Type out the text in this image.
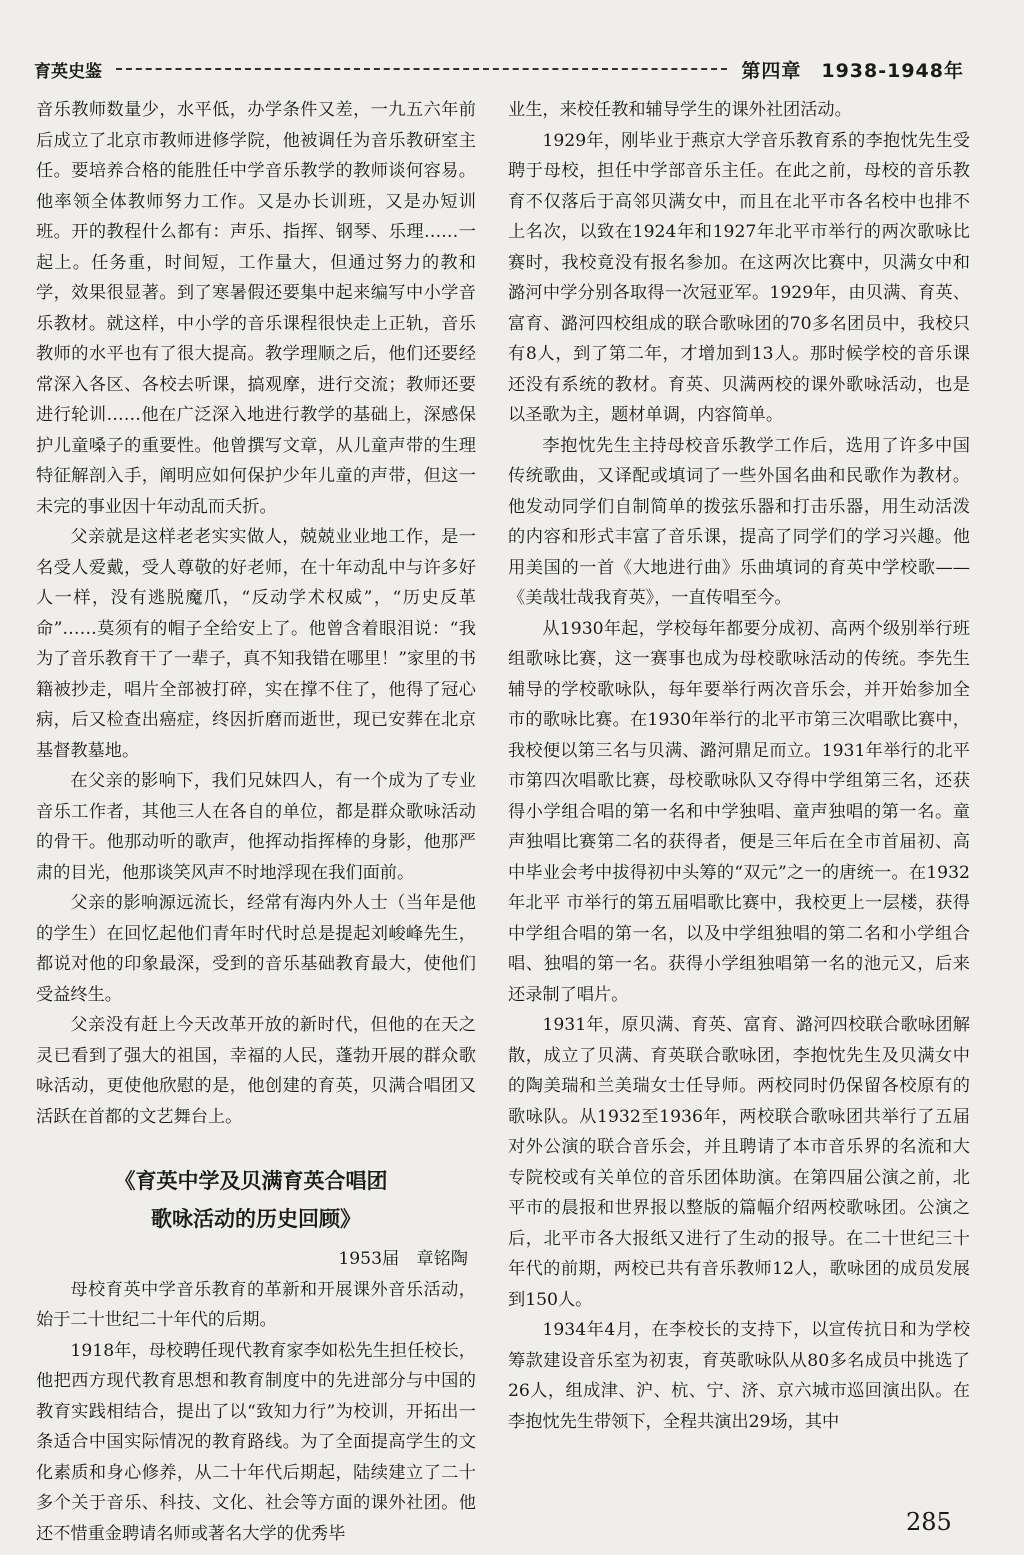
育英史鉴	第四章　1938-1948年

音乐教师数量少，水平低，办学条件又差，一九五六年前后成立了北京市教师进修学院，他被调任为音乐教研室主任。要培养合格的能胜任中学音乐教学的教师谈何容易。他率领全体教师努力工作。又是办长训班，又是办短训班。开的教程什么都有：声乐、指挥、钢琴、乐理……一起上。任务重，时间短，工作量大，但通过努力的教和学，效果很显著。到了寒暑假还要集中起来编写中小学音乐教材。就这样，中小学的音乐课程很快走上正轨，音乐教师的水平也有了很大提高。教学理顺之后，他们还要经常深入各区、各校去听课，搞观摩，进行交流；教师还要进行轮训……他在广泛深入地进行教学的基础上，深感保护儿童嗓子的重要性。他曾撰写文章，从儿童声带的生理特征解剖入手，阐明应如何保护少年儿童的声带，但这一未完的事业因十年动乱而夭折。

父亲就是这样老老实实做人，兢兢业业地工作，是一名受人爱戴，受人尊敬的好老师，在十年动乱中与许多好人一样，没有逃脱魔爪，“反动学术权威”，“历史反革命”……莫须有的帽子全给安上了。他曾含着眼泪说：“我为了音乐教育干了一辈子，真不知我错在哪里！”家里的书籍被抄走，唱片全部被打碎，实在撑不住了，他得了冠心病，后又检查出癌症，终因折磨而逝世，现已安葬在北京基督教墓地。

在父亲的影响下，我们兄妹四人，有一个成为了专业音乐工作者，其他三人在各自的单位，都是群众歌咏活动的骨干。他那动听的歌声，他挥动指挥棒的身影，他那严肃的目光，他那谈笑风声不时地浮现在我们面前。

父亲的影响源远流长，经常有海内外人士（当年是他的学生）在回忆起他们青年时代时总是提起刘峻峰先生，都说对他的印象最深，受到的音乐基础教育最大，使他们受益终生。

父亲没有赶上今天改革开放的新时代，但他的在天之灵已看到了强大的祖国，幸福的人民，蓬勃开展的群众歌咏活动，更使他欣慰的是，他创建的育英，贝满合唱团又活跃在首都的文艺舞台上。

《育英中学及贝满育英合唱团
歌咏活动的历史回顾》

1953届　章铭陶

母校育英中学音乐教育的革新和开展课外音乐活动，始于二十世纪二十年代的后期。

1918年，母校聘任现代教育家李如松先生担任校长，他把西方现代教育思想和教育制度中的先进部分与中国的教育实践相结合，提出了以“致知力行”为校训，开拓出一条适合中国实际情况的教育路线。为了全面提高学生的文化素质和身心修养，从二十年代后期起，陆续建立了二十多个关于音乐、科技、文化、社会等方面的课外社团。他还不惜重金聘请名师或著名大学的优秀毕

业生，来校任教和辅导学生的课外社团活动。

1929年，刚毕业于燕京大学音乐教育系的李抱忱先生受聘于母校，担任中学部音乐主任。在此之前，母校的音乐教育不仅落后于高邻贝满女中，而且在北平市各名校中也排不上名次，以致在1924年和1927年北平市举行的两次歌咏比赛时，我校竟没有报名参加。在这两次比赛中，贝满女中和潞河中学分别各取得一次冠亚军。1929年，由贝满、育英、富育、潞河四校组成的联合歌咏团的70多名团员中，我校只有8人，到了第二年，才增加到13人。那时候学校的音乐课还没有系统的教材。育英、贝满两校的课外歌咏活动，也是以圣歌为主，题材单调，内容简单。

李抱忱先生主持母校音乐教学工作后，选用了许多中国传统歌曲，又译配或填词了一些外国名曲和民歌作为教材。他发动同学们自制简单的拨弦乐器和打击乐器，用生动活泼的内容和形式丰富了音乐课，提高了同学们的学习兴趣。他用美国的一首《大地进行曲》乐曲填词的育英中学校歌——《美哉壮哉我育英》，一直传唱至今。

从1930年起，学校每年都要分成初、高两个级别举行班组歌咏比赛，这一赛事也成为母校歌咏活动的传统。李先生辅导的学校歌咏队，每年要举行两次音乐会，并开始参加全市的歌咏比赛。在1930年举行的北平市第三次唱歌比赛中，我校便以第三名与贝满、潞河鼎足而立。1931年举行的北平市第四次唱歌比赛，母校歌咏队又夺得中学组第三名，还获得小学组合唱的第一名和中学独唱、童声独唱的第一名。童声独唱比赛第二名的获得者，便是三年后在全市首届初、高中毕业会考中拔得初中头筹的“双元”之一的唐统一。在1932年北平 市举行的第五届唱歌比赛中，我校更上一层楼，获得中学组合唱的第一名，以及中学组独唱的第二名和小学组合唱、独唱的第一名。获得小学组独唱第一名的池元又，后来还录制了唱片。

1931年，原贝满、育英、富育、潞河四校联合歌咏团解散，成立了贝满、育英联合歌咏团，李抱忱先生及贝满女中的陶美瑞和兰美瑞女士任导师。两校同时仍保留各校原有的歌咏队。从1932至1936年，两校联合歌咏团共举行了五届对外公演的联合音乐会，并且聘请了本市音乐界的名流和大专院校或有关单位的音乐团体助演。在第四届公演之前，北平市的晨报和世界报以整版的篇幅介绍两校歌咏团。公演之后，北平市各大报纸又进行了生动的报导。在二十世纪三十年代的前期，两校已共有音乐教师12人，歌咏团的成员发展到150人。

1934年4月，在李校长的支持下，以宣传抗日和为学校筹款建设音乐室为初衷，育英歌咏队从80多名成员中挑选了26人，组成津、沪、杭、宁、济、京六城市巡回演出队。在李抱忱先生带领下，全程共演出29场，其中

285
